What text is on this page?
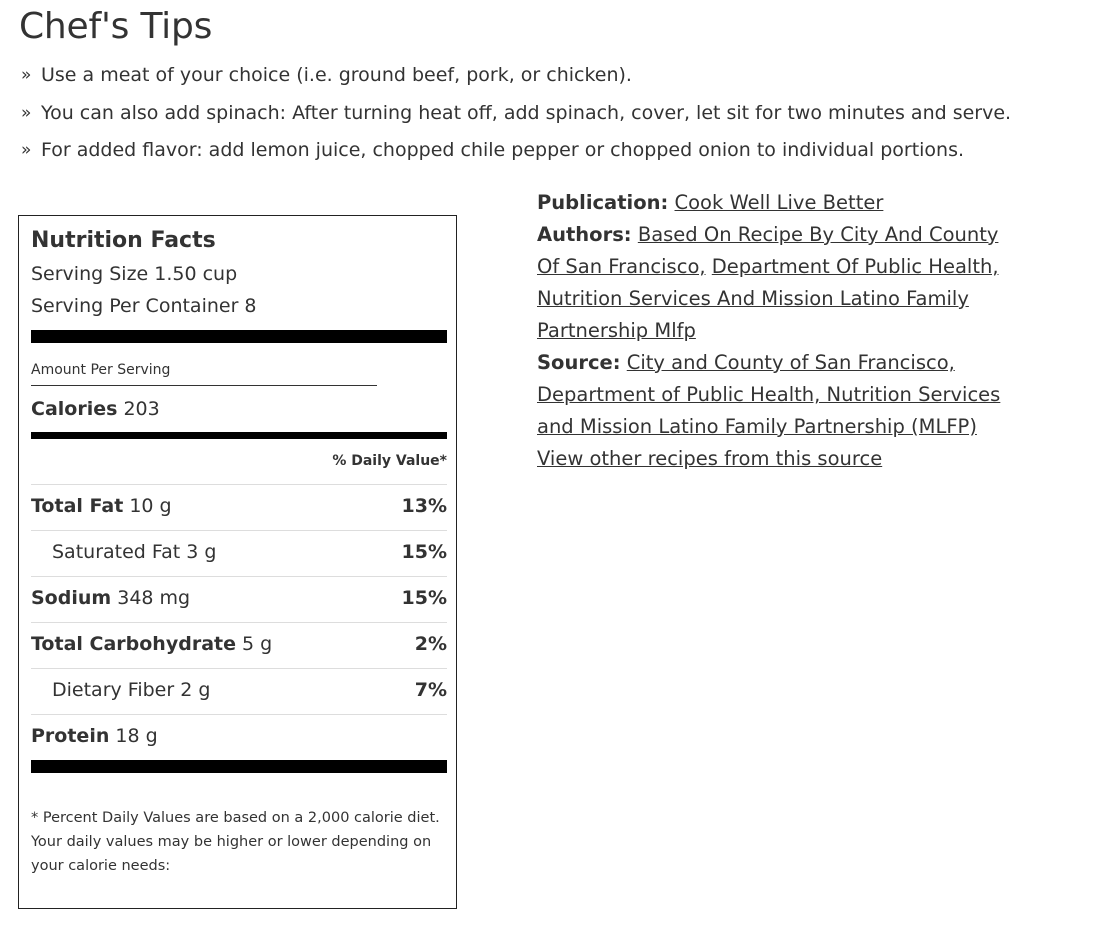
Chef's Tips
» Use a meat of your choice (i.e. ground beef, pork, or chicken).
» You can also add spinach: After turning heat off, add spinach, cover, let sit for two minutes and serve.
» For added flavor: add lemon juice, chopped chile pepper or chopped onion to individual portions.
Nutrition Facts
Serving Size 1.50 cup
Serving Per Container 8
Amount Per Serving
Calories 203
% Daily Value*
Total Fat 10 g	13%
Saturated Fat 3 g	15%
Sodium 348 mg	15%
Total Carbohydrate 5 g	2%
Dietary Fiber 2 g	7%
Protein 18 g
* Percent Daily Values are based on a 2,000 calorie diet. Your daily values may be higher or lower depending on your calorie needs:

Publication: Cook Well Live Better

Authors: Based On Recipe By City And County Of San Francisco, Department Of Public Health, Nutrition Services And Mission Latino Family Partnership Mlfp

Source: City and County of San Francisco, Department of Public Health, Nutrition Services and Mission Latino Family Partnership (MLFP)

View other recipes from this source
